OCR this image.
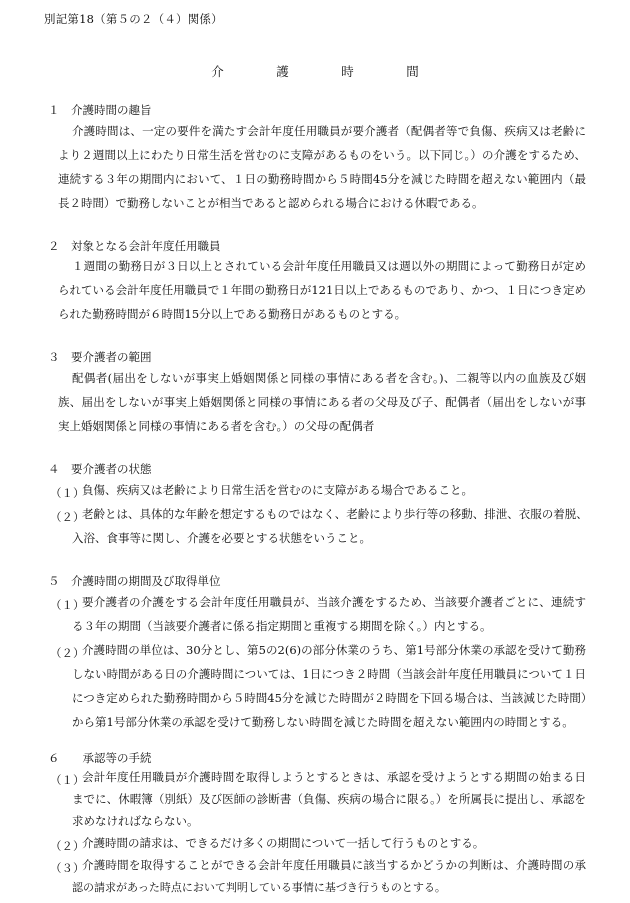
別記第18（第５の２（４）関係）
介　護　時　間
１　介護時間の趣旨
介護時間は、一定の要件を満たす会計年度任用職員が要介護者（配偶者等で負傷、疾病又は老齢に
より２週間以上にわたり日常生活を営むのに支障があるものをいう。以下同じ。）の介護をするため、
連続する３年の期間内において、１日の勤務時間から５時間45分を減じた時間を超えない範囲内（最
長２時間）で勤務しないことが相当であると認められる場合における休暇である。
２　対象となる会計年度任用職員
１週間の勤務日が３日以上とされている会計年度任用職員又は週以外の期間によって勤務日が定め
られている会計年度任用職員で１年間の勤務日が121日以上であるものであり、かつ、１日につき定め
られた勤務時間が６時間15分以上である勤務日があるものとする。
３　要介護者の範囲
配偶者(届出をしないが事実上婚姻関係と同様の事情にある者を含む。)、二親等以内の血族及び姻
族、届出をしないが事実上婚姻関係と同様の事情にある者の父母及び子、配偶者（届出をしないが事
実上婚姻関係と同様の事情にある者を含む。）の父母の配偶者
４　要介護者の状態
（１）
負傷、疾病又は老齢により日常生活を営むのに支障がある場合であること。
（２）
老齢とは、具体的な年齢を想定するものではなく、老齢により歩行等の移動、排泄、衣服の着脱、
入浴、食事等に関し、介護を必要とする状態をいうこと。
５　介護時間の期間及び取得単位
（１）
要介護者の介護をする会計年度任用職員が、当該介護をするため、当該要介護者ごとに、連続す
る３年の期間（当該要介護者に係る指定期間と重複する期間を除く。）内とする。
（２）
介護時間の単位は、30分とし、第5の2(6)の部分休業のうち、第1号部分休業の承認を受けて勤務
しない時間がある日の介護時間については、1日につき２時間（当該会計年度任用職員について１日
につき定められた勤務時間から５時間45分を減じた時間が２時間を下回る場合は、当該減じた時間）
から第1号部分休業の承認を受けて勤務しない時間を減じた時間を超えない範囲内の時間とする。
６　　承認等の手続
（１）
会計年度任用職員が介護時間を取得しようとするときは、承認を受けようとする期間の始まる日
までに、休暇簿（別紙）及び医師の診断書（負傷、疾病の場合に限る。）を所属長に提出し、承認を
求めなければならない。
（２）
介護時間の請求は、できるだけ多くの期間について一括して行うものとする。
（３）
介護時間を取得することができる会計年度任用職員に該当するかどうかの判断は、介護時間の承
認の請求があった時点において判明している事情に基づき行うものとする。
